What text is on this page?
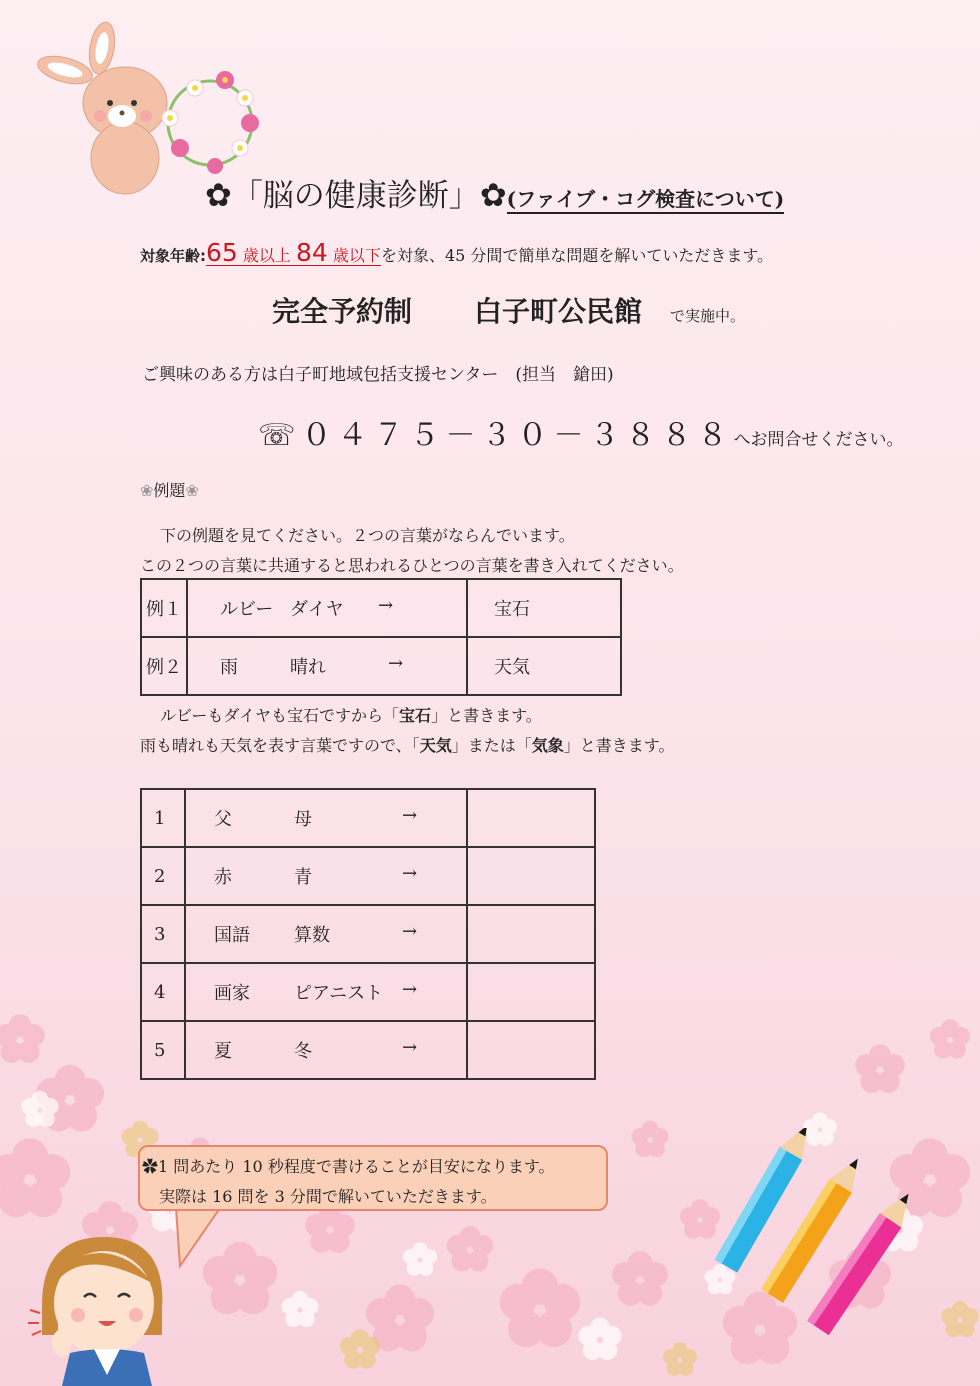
✿「脳の健康診断」✿(ファイブ・コグ検査について)
対象年齢:65 歳以上 84 歳以下を対象、45 分間で簡単な問題を解いていただきます。
完全予約制 白子町公民館 で実施中。
ご興味のある方は白子町地域包括支援センター　(担当　鎗田)
☏０４７５－３０－３８８８へお問合せください。
❀例題❀
下の例題を見てください。２つの言葉がならんでいます。
この２つの言葉に共通すると思われるひとつの言葉を書き入れてください。
例１	ルビー ダイヤ →	宝石
例２	雨 晴れ →	天気
ルビーもダイヤも宝石ですから「宝石」と書きます。
雨も晴れも天気を表す言葉ですので、「天気」または「気象」と書きます。
1	父 母 →	

2	赤 青 →	

3	国語 算数 →	

4	画家 ピアニスト →	

5	夏 冬 →	

✿1 問あたり 10 秒程度で書けることが目安になります。
実際は 16 問を 3 分間で解いていただきます。
